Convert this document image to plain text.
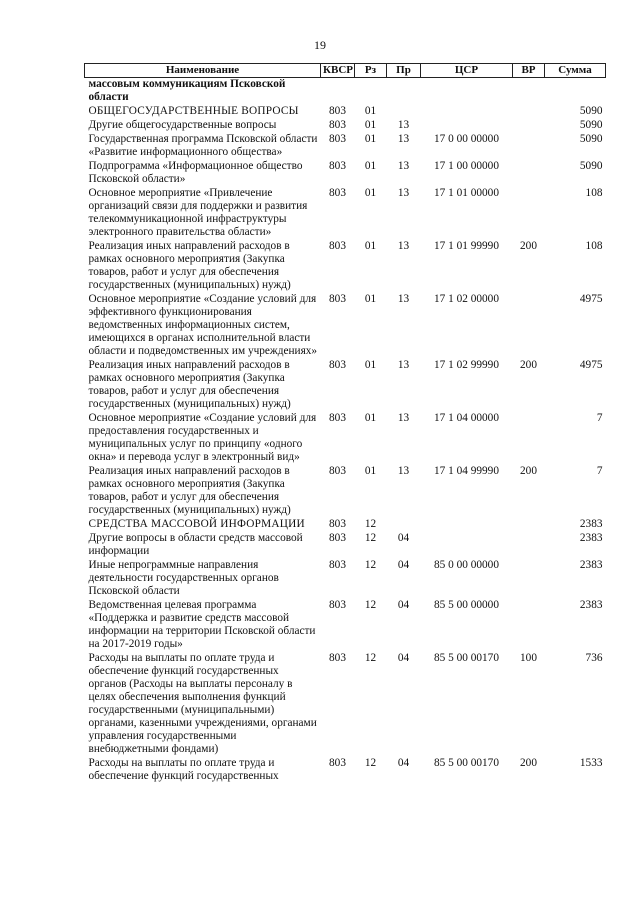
19
Наименование	КВСР	Рз	Пр	ЦСР	ВР	Сумма
массовым коммуникациям Псковской области						
ОБЩЕГОСУДАРСТВЕННЫЕ ВОПРОСЫ	803	01				5090
Другие общегосударственные вопросы	803	01	13			5090
Государственная программа Псковской области «Развитие информационного общества»	803	01	13	17 0 00 00000		5090
Подпрограмма «Информационное общество Псковской области»	803	01	13	17 1 00 00000		5090
Основное мероприятие «Привлечение организаций связи для поддержки и развития телекоммуникационной инфраструктуры электронного правительства области»	803	01	13	17 1 01 00000		108
Реализация иных направлений расходов в рамках основного мероприятия (Закупка товаров, работ и услуг для обеспечения государственных (муниципальных) нужд)	803	01	13	17 1 01 99990	200	108
Основное мероприятие «Создание условий для эффективного функционирования ведомственных информационных систем, имеющихся в органах исполнительной власти области и подведомственных им учреждениях»	803	01	13	17 1 02 00000		4975
Реализация иных направлений расходов в рамках основного мероприятия (Закупка товаров, работ и услуг для обеспечения государственных (муниципальных) нужд)	803	01	13	17 1 02 99990	200	4975
Основное мероприятие «Создание условий для предоставления государственных и муниципальных услуг по принципу «одного окна» и перевода услуг в электронный вид»	803	01	13	17 1 04 00000		7
Реализация иных направлений расходов в рамках основного мероприятия (Закупка товаров, работ и услуг для обеспечения государственных (муниципальных) нужд)	803	01	13	17 1 04 99990	200	7
СРЕДСТВА МАССОВОЙ ИНФОРМАЦИИ	803	12				2383
Другие вопросы в области средств массовой информации	803	12	04			2383
Иные непрограммные направления деятельности государственных органов Псковской области	803	12	04	85 0 00 00000		2383
Ведомственная целевая программа «Поддержка и развитие средств массовой информации на территории Псковской области на 2017-2019 годы»	803	12	04	85 5 00 00000		2383
Расходы на выплаты по оплате труда и обеспечение функций государственных органов (Расходы на выплаты персоналу в целях обеспечения выполнения функций государственными (муниципальными) органами, казенными учреждениями, органами управления государственными внебюджетными фондами)	803	12	04	85 5 00 00170	100	736
Расходы на выплаты по оплате труда и обеспечение функций государственных	803	12	04	85 5 00 00170	200	1533
